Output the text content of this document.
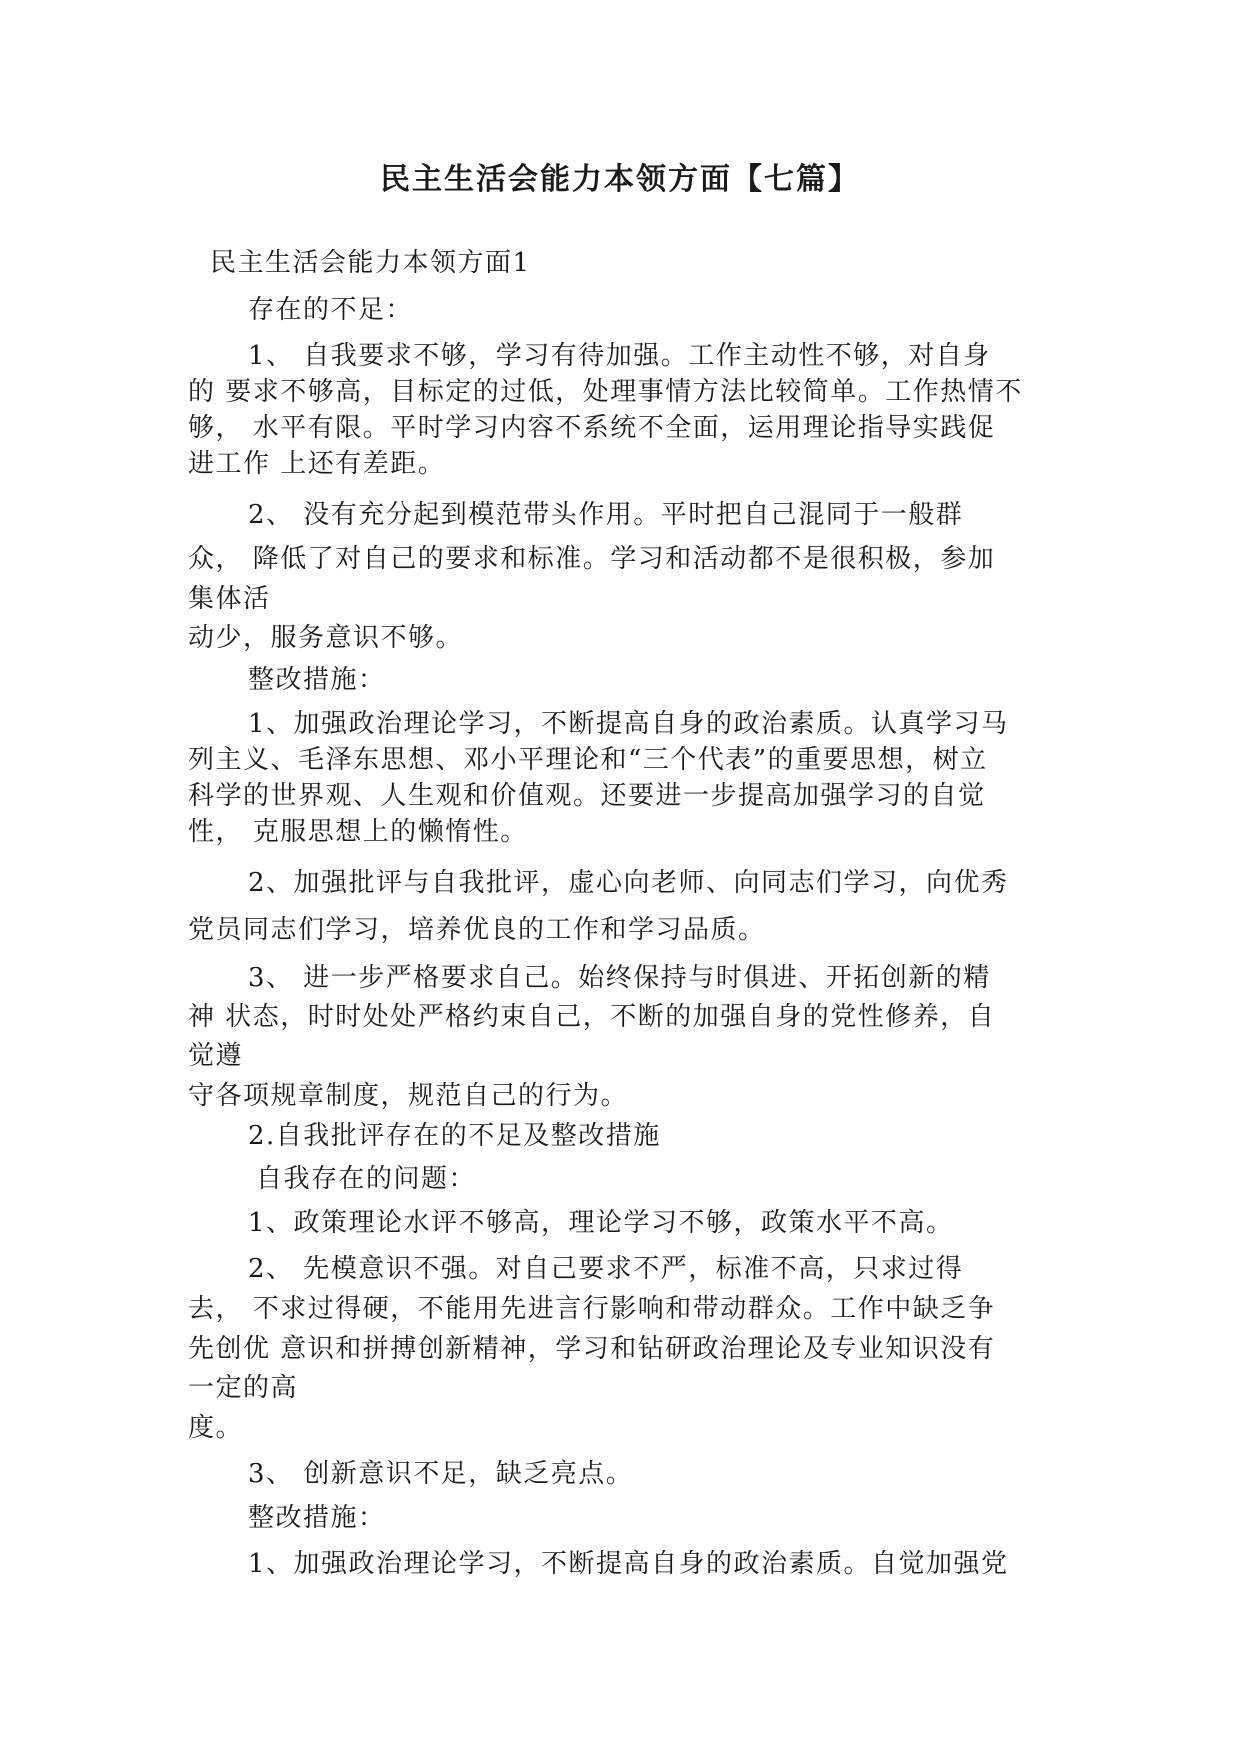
民主生活会能力本领方面【七篇】
民主生活会能力本领方面1
存在的不足：
1、 自我要求不够，学习有待加强。工作主动性不够，对自身
的 要求不够高，目标定的过低，处理事情方法比较简单。工作热情不
够， 水平有限。平时学习内容不系统不全面，运用理论指导实践促
进工作 上还有差距。
2、 没有充分起到模范带头作用。平时把自己混同于一般群
众， 降低了对自己的要求和标准。学习和活动都不是很积极，参加
集体活
动少，服务意识不够。
整改措施：
1、加强政治理论学习，不断提高自身的政治素质。认真学习马
列主义、毛泽东思想、邓小平理论和“三个代表”的重要思想，树立
科学的世界观、人生观和价值观。还要进一步提高加强学习的自觉
性， 克服思想上的懒惰性。
2、加强批评与自我批评，虚心向老师、向同志们学习，向优秀
党员同志们学习，培养优良的工作和学习品质。
3、 进一步严格要求自己。始终保持与时俱进、开拓创新的精
神 状态，时时处处严格约束自己，不断的加强自身的党性修养，自
觉遵
守各项规章制度，规范自己的行为。
2.自我批评存在的不足及整改措施
自我存在的问题：
1、政策理论水评不够高，理论学习不够，政策水平不高。
2、 先模意识不强。对自己要求不严，标准不高，只求过得
去， 不求过得硬，不能用先进言行影响和带动群众。工作中缺乏争
先创优 意识和拼搏创新精神，学习和钻研政治理论及专业知识没有
一定的高
度。
3、 创新意识不足，缺乏亮点。
整改措施：
1、加强政治理论学习，不断提高自身的政治素质。自觉加强党
